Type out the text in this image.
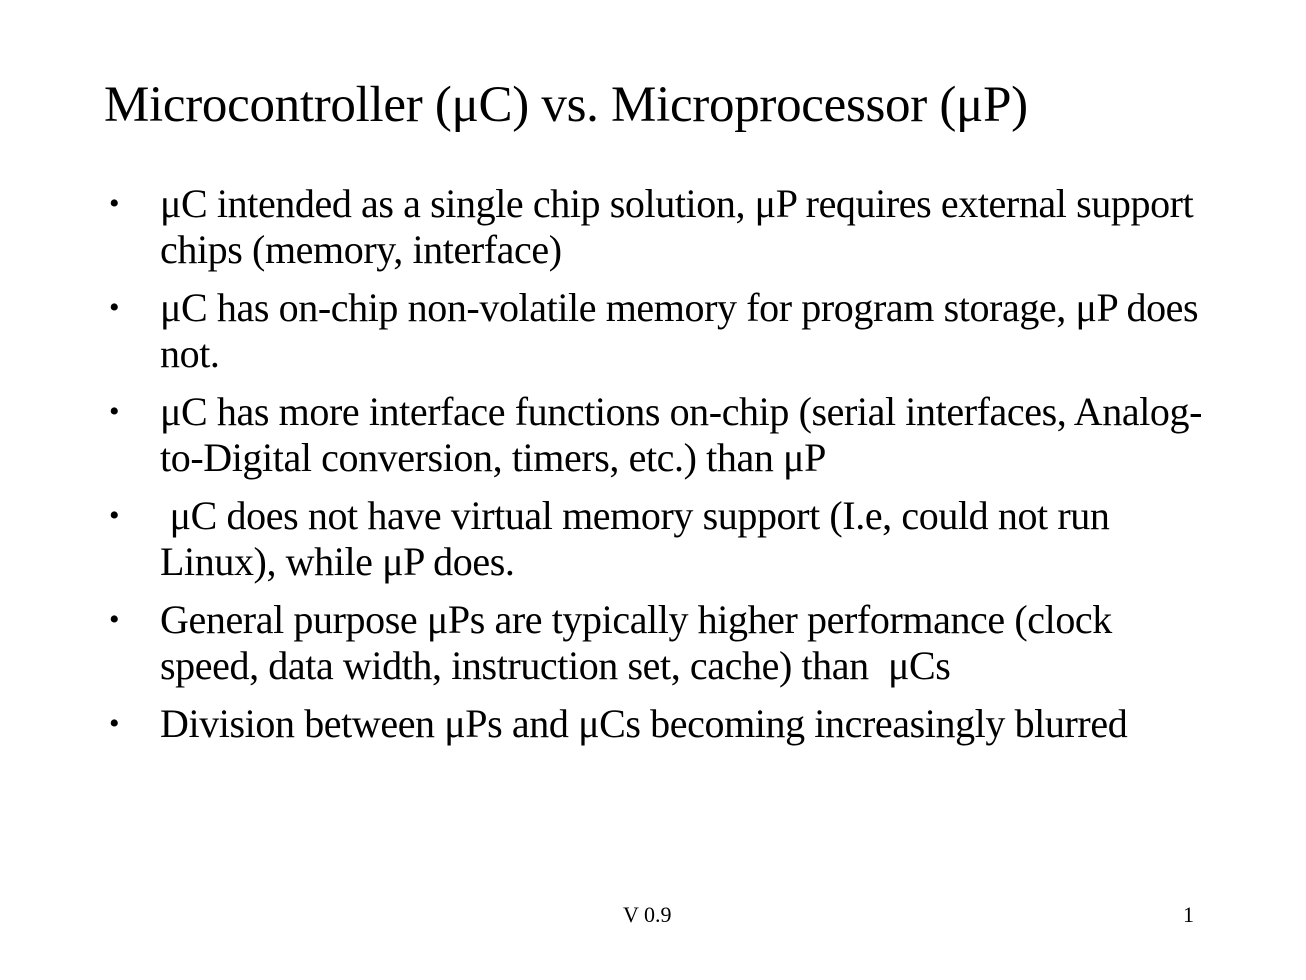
Microcontroller (μC) vs. Microprocessor (μP)
• μC intended as a single chip solution, μP requires external support chips (memory, interface)
• μC has on-chip non-volatile memory for program storage, μP does not.
• μC has more interface functions on-chip (serial interfaces, Analog-to-Digital conversion, timers, etc.) than μP
• μC does not have virtual memory support (I.e, could not run Linux), while μP does.
• General purpose μPs are typically higher performance (clock speed, data width, instruction set, cache) than  μCs
• Division between μPs and μCs becoming increasingly blurred
V 0.9	1
